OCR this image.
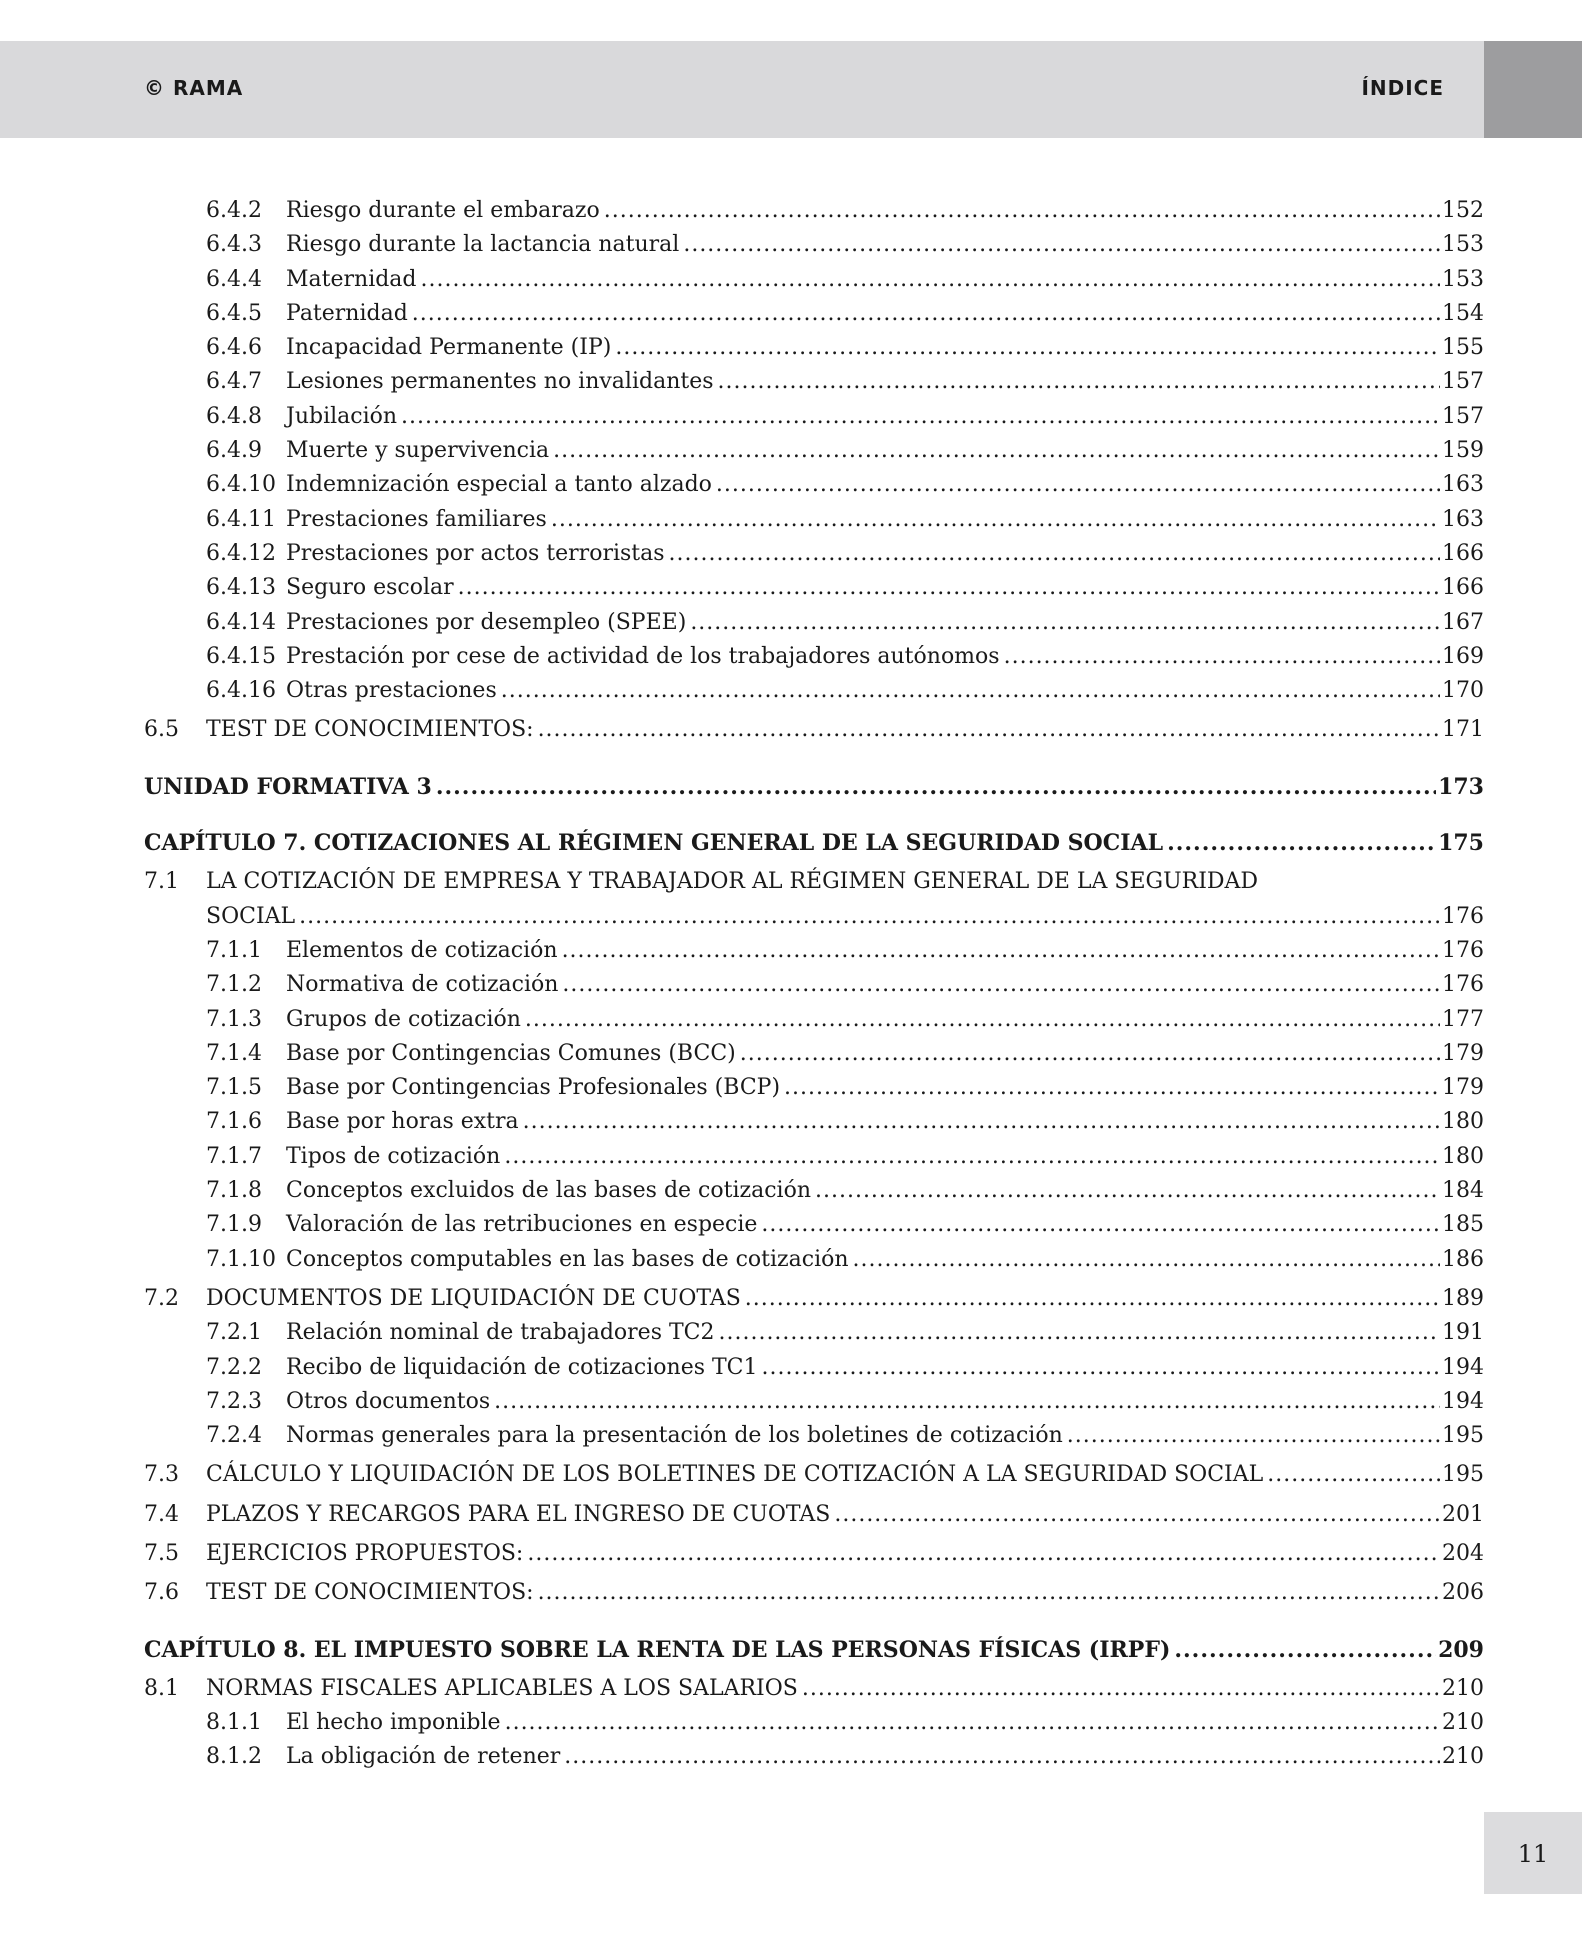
© RAMA	ÍNDICE
6.4.2	Riesgo durante el embarazo .....	152
6.4.3	Riesgo durante la lactancia natural .....	153
6.4.4	Maternidad .....	153
6.4.5	Paternidad .....	154
6.4.6	Incapacidad Permanente (IP) .....	155
6.4.7	Lesiones permanentes no invalidantes .....	157
6.4.8	Jubilación .....	157
6.4.9	Muerte y supervivencia .....	159
6.4.10 Indemnización especial a tanto alzado .....	163
6.4.11 Prestaciones familiares .....	163
6.4.12 Prestaciones por actos terroristas .....	166
6.4.13 Seguro escolar .....	166
6.4.14 Prestaciones por desempleo (SPEE) .....	167
6.4.15 Prestación por cese de actividad de los trabajadores autónomos .....	169
6.4.16 Otras prestaciones .....	170
6.5	TEST DE CONOCIMIENTOS: .....	171
UNIDAD FORMATIVA 3 .....	173
CAPÍTULO 7. COTIZACIONES AL RÉGIMEN GENERAL DE LA SEGURIDAD SOCIAL .....	175
7.1 LA COTIZACIÓN DE EMPRESA Y TRABAJADOR AL RÉGIMEN GENERAL DE LA SEGURIDAD
SOCIAL .....	176
7.1.1	Elementos de cotización .....	176
7.1.2	Normativa de cotización .....	176
7.1.3	Grupos de cotización .....	177
7.1.4	Base por Contingencias Comunes (BCC) .....	179
7.1.5	Base por Contingencias Profesionales (BCP) .....	179
7.1.6	Base por horas extra .....	180
7.1.7	Tipos de cotización .....	180
7.1.8	Conceptos excluidos de las bases de cotización .....	184
7.1.9	Valoración de las retribuciones en especie .....	185
7.1.10 Conceptos computables en las bases de cotización .....	186
7.2	DOCUMENTOS DE LIQUIDACIÓN DE CUOTAS .....	189
7.2.1	Relación nominal de trabajadores TC2 .....	191
7.2.2	Recibo de liquidación de cotizaciones TC1 .....	194
7.2.3	Otros documentos .....	194
7.2.4	Normas generales para la presentación de los boletines de cotización .....	195
7.3	CÁLCULO Y LIQUIDACIÓN DE LOS BOLETINES DE COTIZACIÓN A LA SEGURIDAD SOCIAL .....	195
7.4	PLAZOS Y RECARGOS PARA EL INGRESO DE CUOTAS .....	201
7.5	EJERCICIOS PROPUESTOS: .....	204
7.6	TEST DE CONOCIMIENTOS: .....	206
CAPÍTULO 8. EL IMPUESTO SOBRE LA RENTA DE LAS PERSONAS FÍSICAS (IRPF) .....	209
8.1	NORMAS FISCALES APLICABLES A LOS SALARIOS .....	210
8.1.1	El hecho imponible .....	210
8.1.2	La obligación de retener .....	210
11
